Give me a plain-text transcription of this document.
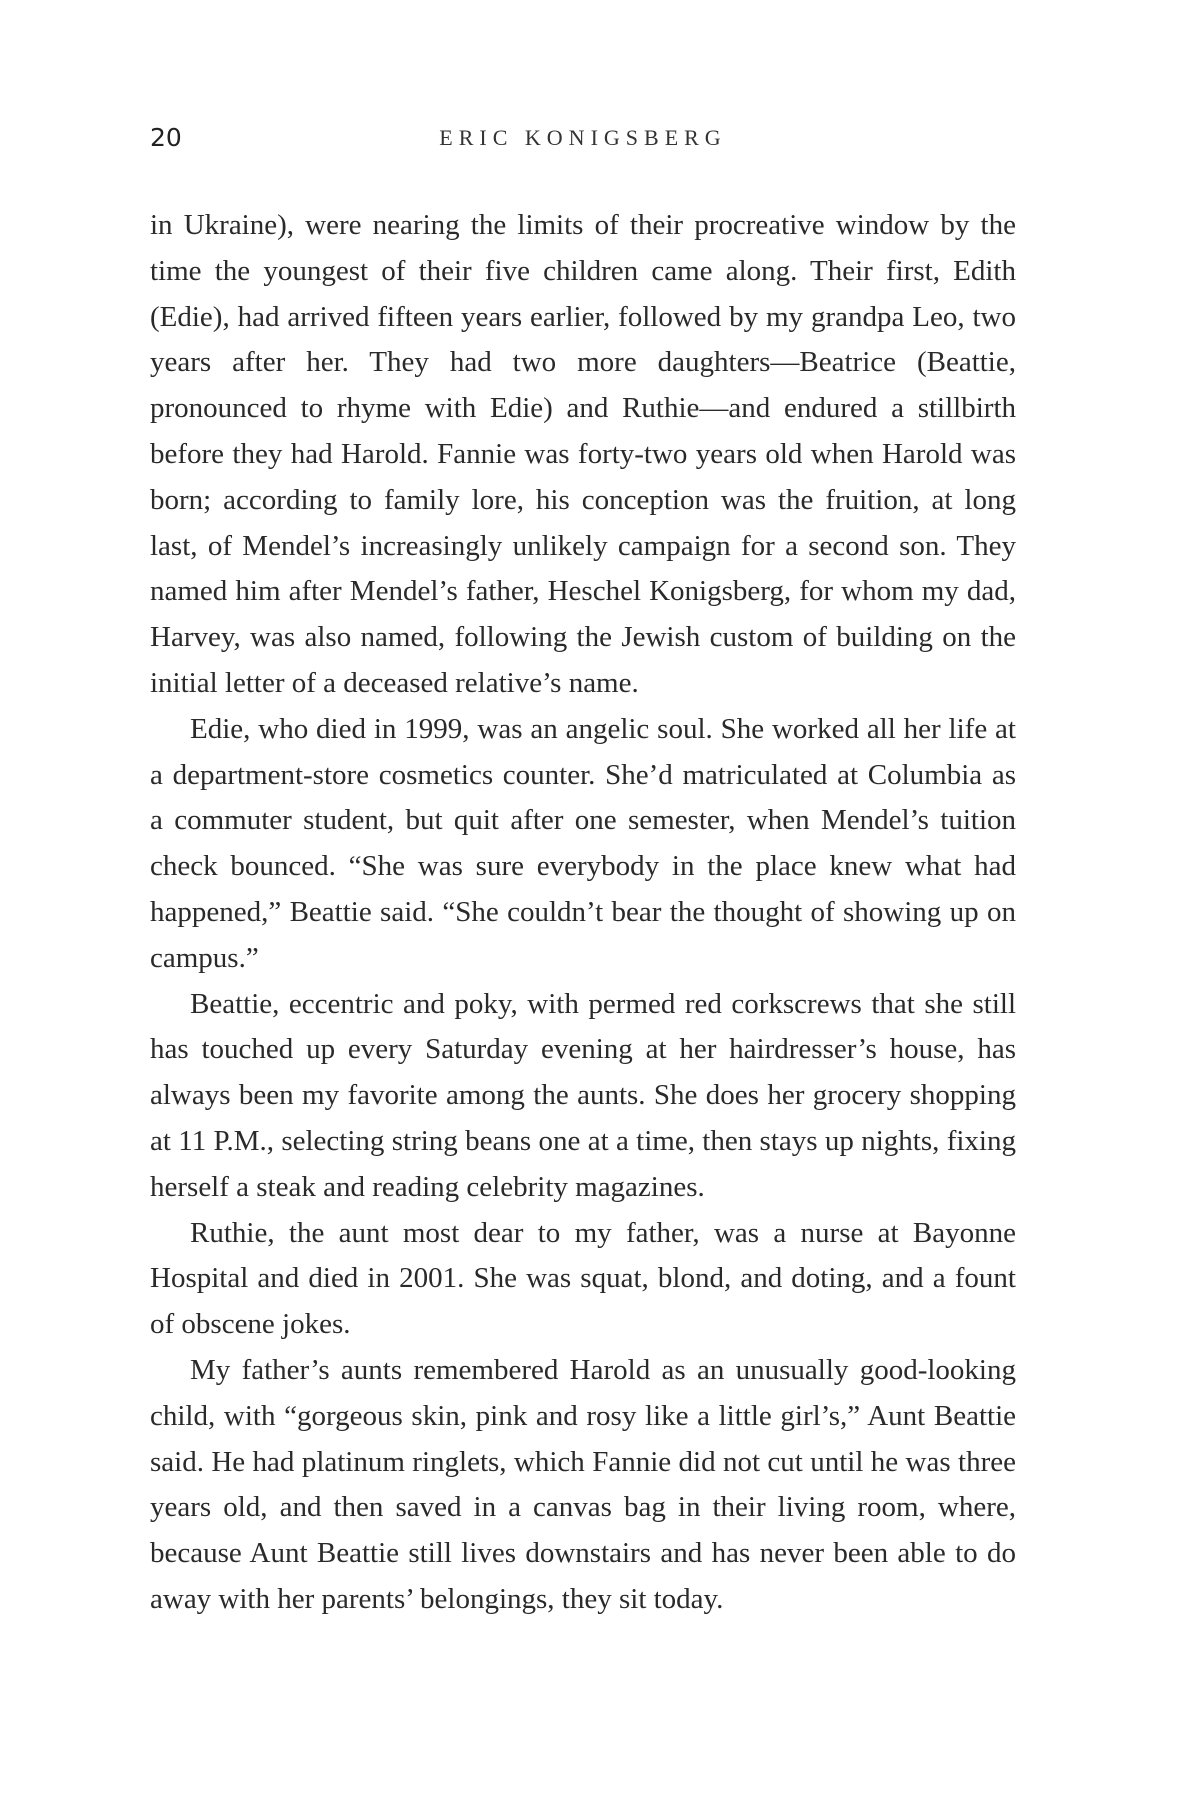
20	ERIC KONIGSBERG

in Ukraine), were nearing the limits of their procreative window by the time the youngest of their five children came along. Their first, Edith (Edie), had arrived fifteen years earlier, followed by my grandpa Leo, two years after her. They had two more daughters—Beatrice (Beattie, pronounced to rhyme with Edie) and Ruthie—and endured a stillbirth before they had Harold. Fannie was forty-two years old when Harold was born; according to family lore, his conception was the fruition, at long last, of Mendel’s increasingly unlikely campaign for a second son. They named him after Mendel’s father, Heschel Konigsberg, for whom my dad, Harvey, was also named, following the Jewish custom of building on the initial letter of a deceased relative’s name.

Edie, who died in 1999, was an angelic soul. She worked all her life at a department-store cosmetics counter. She’d matriculated at Columbia as a commuter student, but quit after one semester, when Mendel’s tuition check bounced. “She was sure everybody in the place knew what had happened,” Beattie said. “She couldn’t bear the thought of showing up on campus.”

Beattie, eccentric and poky, with permed red corkscrews that she still has touched up every Saturday evening at her hairdresser’s house, has always been my favorite among the aunts. She does her grocery shopping at 11 P.M., selecting string beans one at a time, then stays up nights, fixing herself a steak and reading celebrity magazines.

Ruthie, the aunt most dear to my father, was a nurse at Bayonne Hospital and died in 2001. She was squat, blond, and doting, and a fount of obscene jokes.

My father’s aunts remembered Harold as an unusually good-looking child, with “gorgeous skin, pink and rosy like a little girl’s,” Aunt Beattie said. He had platinum ringlets, which Fannie did not cut until he was three years old, and then saved in a canvas bag in their living room, where, because Aunt Beattie still lives downstairs and has never been able to do away with her parents’ belongings, they sit today.
